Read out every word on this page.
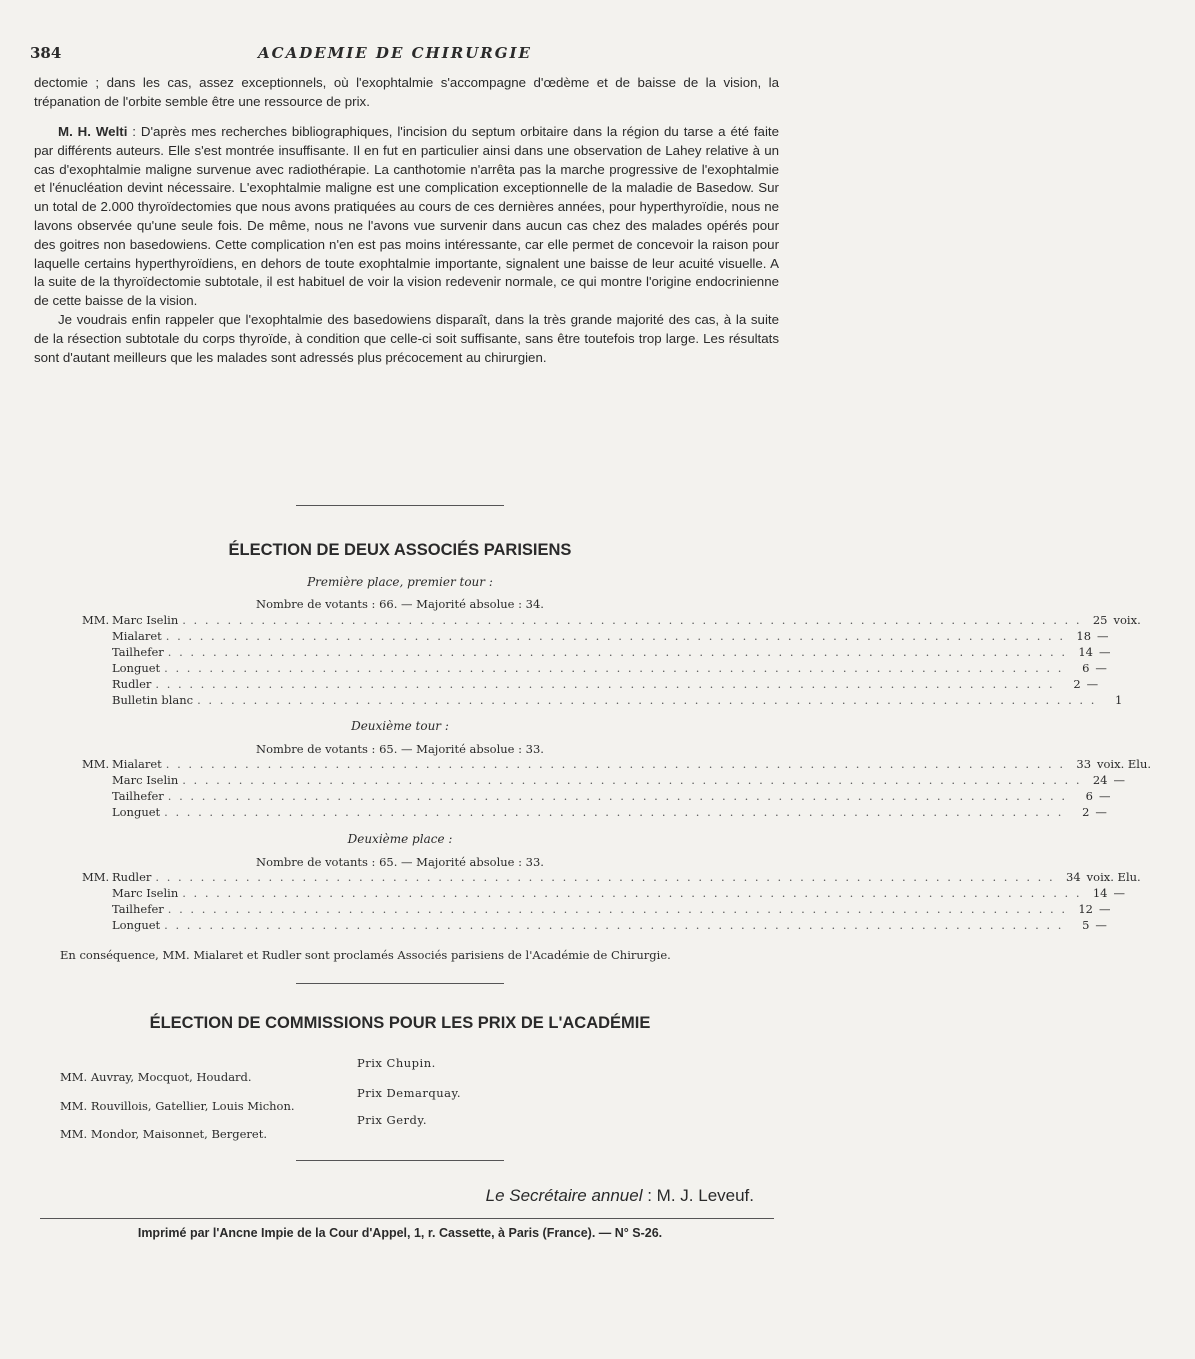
384	ACADEMIE DE CHIRURGIE

dectomie ; dans les cas, assez exceptionnels, où l'exophtalmie s'accompagne d'œdème et de baisse de la vision, la trépanation de l'orbite semble être une ressource de prix.

M. H. Welti : D'après mes recherches bibliographiques, l'incision du septum orbitaire dans la région du tarse a été faite par différents auteurs. Elle s'est montrée insuffisante. Il en fut en particulier ainsi dans une observation de Lahey relative à un cas d'exophtalmie maligne survenue avec radiothérapie. La canthotomie n'arrêta pas la marche progressive de l'exophtalmie et l'énucléation devint nécessaire. L'exophtalmie maligne est une complication exceptionnelle de la maladie de Basedow. Sur un total de 2.000 thyroïdectomies que nous avons pratiquées au cours de ces dernières années, pour hyperthyroïdie, nous ne lavons observée qu'une seule fois. De même, nous ne l'avons vue survenir dans aucun cas chez des malades opérés pour des goitres non basedowiens. Cette complication n'en est pas moins intéressante, car elle permet de concevoir la raison pour laquelle certains hyperthyroïdiens, en dehors de toute exophtalmie importante, signalent une baisse de leur acuité visuelle. A la suite de la thyroïdectomie subtotale, il est habituel de voir la vision redevenir normale, ce qui montre l'origine endocrinienne de cette baisse de la vision.

Je voudrais enfin rappeler que l'exophtalmie des basedowiens disparaît, dans la très grande majorité des cas, à la suite de la résection subtotale du corps thyroïde, à condition que celle-ci soit suffisante, sans être toutefois trop large. Les résultats sont d'autant meilleurs que les malades sont adressés plus précocement au chirurgien.

ÉLECTION DE DEUX ASSOCIÉS PARISIENS
Première place, premier tour :
Nombre de votants : 66. — Majorité absolue : 34.
MM. Marc Iselin . . . . . . . . . . . . . . . . . . . . . . . . . . . . . . . . . . . . . . . . . . . . . . . . . . . . . . . . . . . . . . . . . . . . . . . . . . . . . . . . 25 voix.
Mialaret . . . . . . . . . . . . . . . . . . . . . . . . . . . . . . . . . . . . . . . . . . . . . . . . . . . . . . . . . . . . . . . . . . . . . . . . . . . . . . . . 18 —
Tailhefer . . . . . . . . . . . . . . . . . . . . . . . . . . . . . . . . . . . . . . . . . . . . . . . . . . . . . . . . . . . . . . . . . . . . . . . . . . . . . . . . 14 —
Longuet . . . . . . . . . . . . . . . . . . . . . . . . . . . . . . . . . . . . . . . . . . . . . . . . . . . . . . . . . . . . . . . . . . . . . . . . . . . . . . . .	6 —
Rudler . . . . . . . . . . . . . . . . . . . . . . . . . . . . . . . . . . . . . . . . . . . . . . . . . . . . . . . . . . . . . . . . . . . . . . . . . . . . . . . .	2 —
Bulletin blanc . . . . . . . . . . . . . . . . . . . . . . . . . . . . . . . . . . . . . . . . . . . . . . . . . . . . . . . . . . . . . . . . . . . . . . . . . . . . . . . .	1
Deuxième tour :
Nombre de votants : 65. — Majorité absolue : 33.
MM. Mialaret . . . . . . . . . . . . . . . . . . . . . . . . . . . . . . . . . . . . . . . . . . . . . . . . . . . . . . . . . . . . . . . . . . . . . . . . . . . . . . . . 33 voix. Elu.
Marc Iselin . . . . . . . . . . . . . . . . . . . . . . . . . . . . . . . . . . . . . . . . . . . . . . . . . . . . . . . . . . . . . . . . . . . . . . . . . . . . . . . . 24 —
Tailhefer . . . . . . . . . . . . . . . . . . . . . . . . . . . . . . . . . . . . . . . . . . . . . . . . . . . . . . . . . . . . . . . . . . . . . . . . . . . . . . . .	6 —
Longuet . . . . . . . . . . . . . . . . . . . . . . . . . . . . . . . . . . . . . . . . . . . . . . . . . . . . . . . . . . . . . . . . . . . . . . . . . . . . . . . .	2 —
Deuxième place :
Nombre de votants : 65. — Majorité absolue : 33.
MM. Rudler . . . . . . . . . . . . . . . . . . . . . . . . . . . . . . . . . . . . . . . . . . . . . . . . . . . . . . . . . . . . . . . . . . . . . . . . . . . . . . . . 34 voix. Elu.
Marc Iselin . . . . . . . . . . . . . . . . . . . . . . . . . . . . . . . . . . . . . . . . . . . . . . . . . . . . . . . . . . . . . . . . . . . . . . . . . . . . . . . . 14 —
Tailhefer . . . . . . . . . . . . . . . . . . . . . . . . . . . . . . . . . . . . . . . . . . . . . . . . . . . . . . . . . . . . . . . . . . . . . . . . . . . . . . . . 12 —
Longuet . . . . . . . . . . . . . . . . . . . . . . . . . . . . . . . . . . . . . . . . . . . . . . . . . . . . . . . . . . . . . . . . . . . . . . . . . . . . . . . .	5 —
En conséquence, MM. Mialaret et Rudler sont proclamés Associés parisiens de l'Académie de Chirurgie.
ÉLECTION DE COMMISSIONS POUR LES PRIX DE L'ACADÉMIE
Prix Chupin.
MM. Auvray, Mocquot, Houdard.
Prix Demarquay.
MM. Rouvillois, Gatellier, Louis Michon.
Prix Gerdy.
MM. Mondor, Maisonnet, Bergeret.
Le Secrétaire annuel : M. J. Leveuf.
Imprimé par l'Ancne Impie de la Cour d'Appel, 1, r. Cassette, à Paris (France). — N° S-26.
